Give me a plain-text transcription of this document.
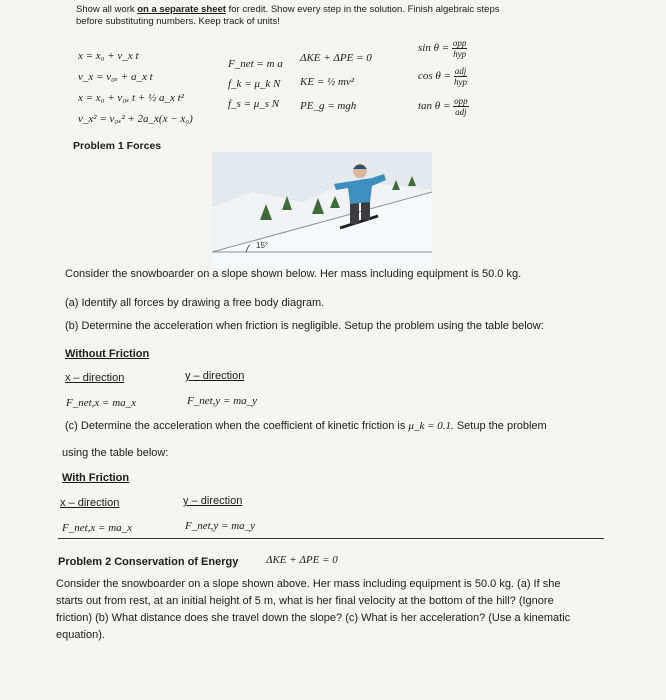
Show all work on a separate sheet for credit. Show every step in the solution. Finish algebraic steps
before substituting numbers. Keep track of units!
x = x₀ + v_x t
v_x = v₀ₓ + a_x t
x = x₀ + v₀ₓ t + ½ a_x t²
v_x² = v₀ₓ² + 2a_x(x − x₀)
F_net = m a
f_k = μ_k N
f_s = μ_s N
ΔKE + ΔPE = 0
KE = ½ mv²
PE_g = mgh
$\sin \theta = \frac{\text{opp}}{\text{hyp}}$
$\cos \theta = \frac{\text{adj}}{\text{hyp}}$
$\tan \theta = \frac{\text{opp}}{\text{adj}}$
Problem 1 Forces
15°
Consider the snowboarder on a slope shown below. Her mass including equipment is 50.0 kg.
(a) Identify all forces by drawing a free body diagram.
(b) Determine the acceleration when friction is negligible. Setup the problem using the table below:
Without Friction
x – direction	y – direction
F_net,x = ma_x	F_net,y = ma_y
(c) Determine the acceleration when the coefficient of kinetic friction is μ_k = 0.1. Setup the problem
using the table below:
With Friction
x – direction	y – direction
F_net,x = ma_x	F_net,y = ma_y
Problem 2 Conservation of Energy	ΔKE + ΔPE = 0
Consider the snowboarder on a slope shown above. Her mass including equipment is 50.0 kg. (a) If she
starts out from rest, at an initial height of 5 m, what is her final velocity at the bottom of the hill? (Ignore
friction) (b) What distance does she travel down the slope? (c) What is her acceleration? (Use a kinematic
equation).
